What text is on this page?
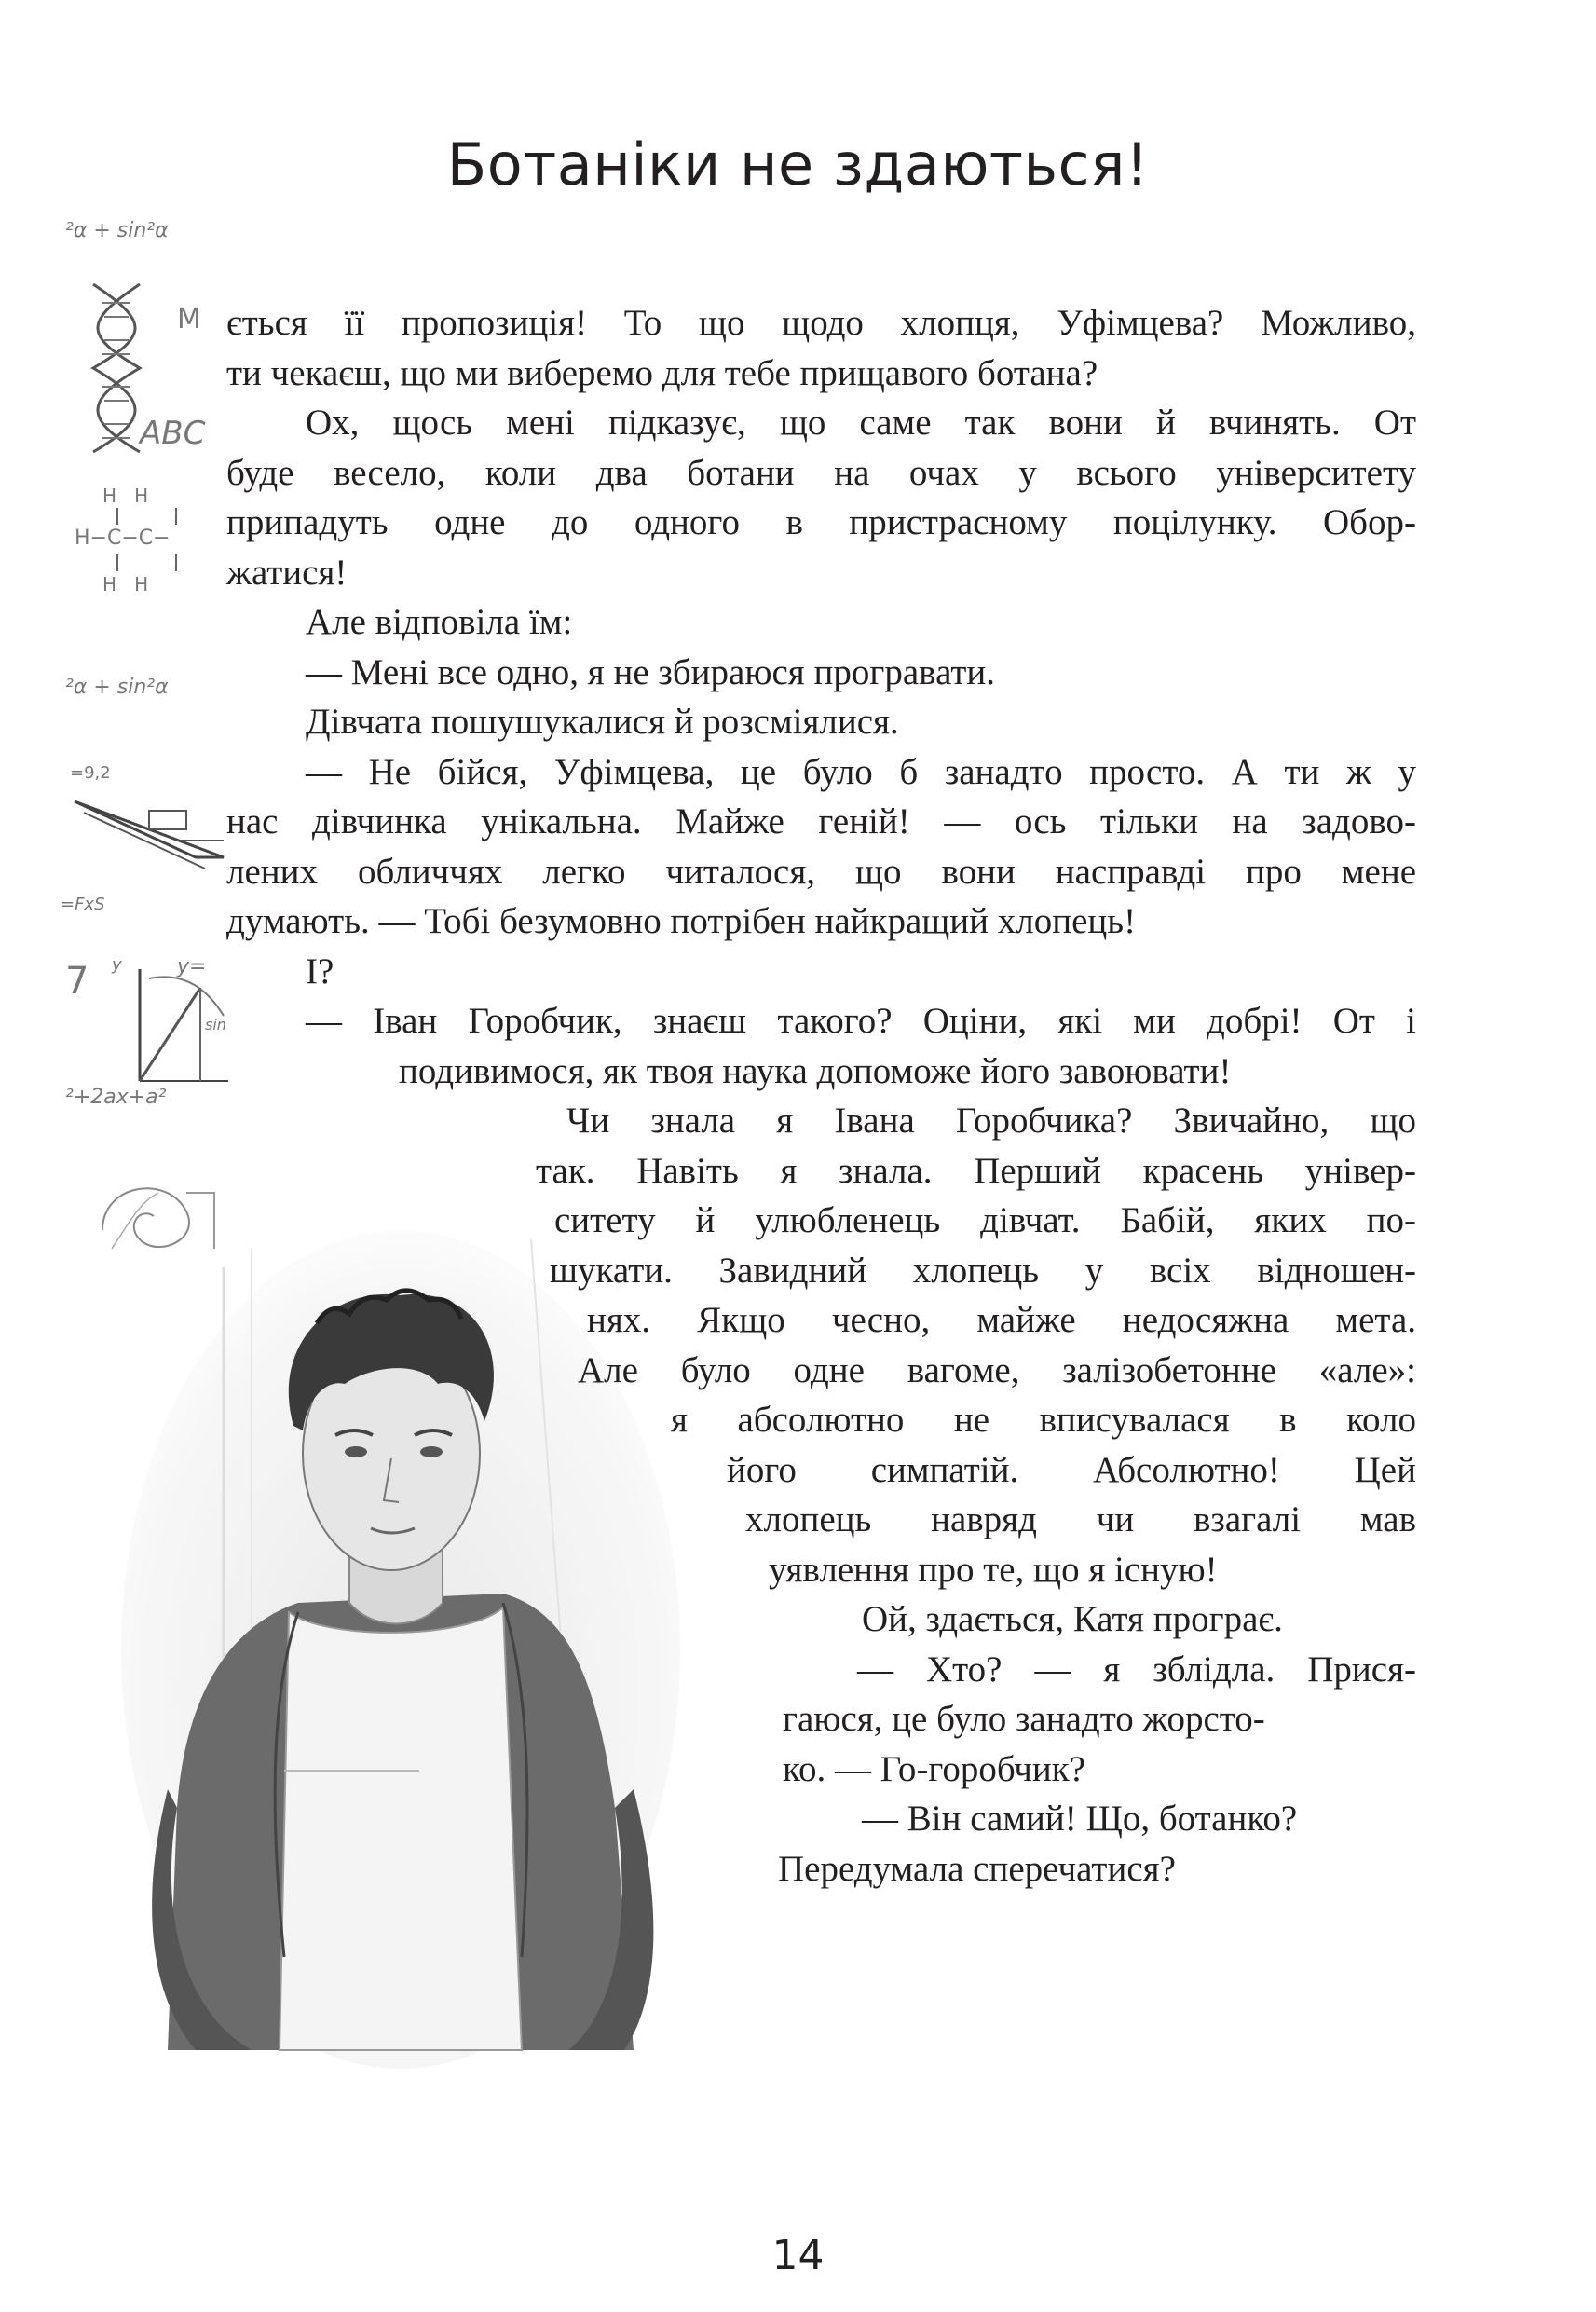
Ботаніки не здаються!
²α + sin²α
M
ABC
H   H
H−C−C−
H   H
²α + sin²α
=9,2
=FxS
7 y	y=
sin
²+2ax+a²
ється її пропозиція! То що щодо хлопця, Уфімцева? Можливо,
ти чекаєш, що ми виберемо для тебе прищавого ботана?
Ох, щось мені підказує, що саме так вони й вчинять. От
буде весело, коли два ботани на очах у всього університету
припадуть одне до одного в пристрасному поцілунку. Обор-
жатися!
Але відповіла їм:
— Мені все одно, я не збираюся програвати.
Дівчата пошушукалися й розсміялися.
— Не бійся, Уфімцева, це було б занадто просто. А ти ж у
нас дівчинка унікальна. Майже геній! — ось тільки на задово-
лених обличчях легко читалося, що вони насправді про мене
думають. — Тобі безумовно потрібен найкращий хлопець!
І?
— Іван Горобчик, знаєш такого? Оціни, які ми добрі! От і
подивимося, як твоя наука допоможе його завоювати!
Чи знала я Івана Горобчика? Звичайно, що
так. Навіть я знала. Перший красень універ-
ситету й улюбленець дівчат. Бабій, яких по-
шукати. Завидний хлопець у всіх відношен-
нях. Якщо чесно, майже недосяжна мета.
Але було одне вагоме, залізобетонне «але»:
я абсолютно не вписувалася в коло
його симпатій. Абсолютно! Цей
хлопець навряд чи взагалі мав
уявлення про те, що я існую!
Ой, здається, Катя програє.
— Хто? — я зблідла. Прися-
гаюся, це було занадто жорсто-
ко. — Го-горобчик?
— Він самий! Що, ботанко?
Передумала сперечатися?
14
